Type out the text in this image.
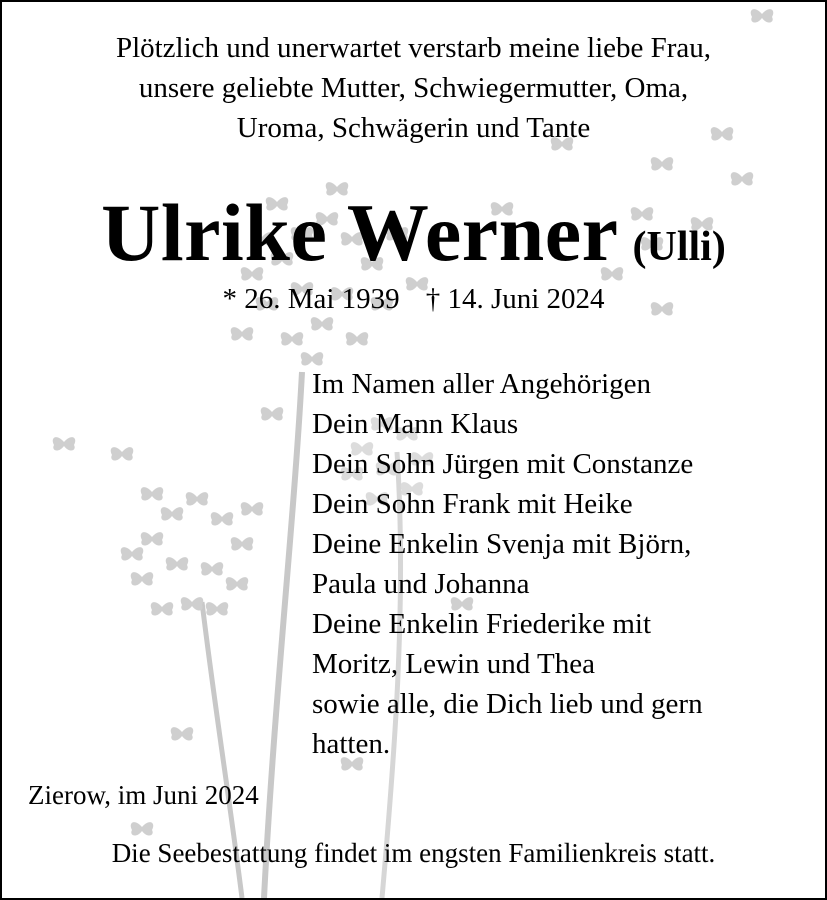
Plötzlich und unerwartet verstarb meine liebe Frau,
unsere geliebte Mutter, Schwiegermutter, Oma,
Uroma, Schwägerin und Tante
Ulrike Werner (Ulli)
* 26. Mai 1939 † 14. Juni 2024
Im Namen aller Angehörigen
Dein Mann Klaus
Dein Sohn Jürgen mit Constanze
Dein Sohn Frank mit Heike
Deine Enkelin Svenja mit Björn,
Paula und Johanna
Deine Enkelin Friederike mit
Moritz, Lewin und Thea
sowie alle, die Dich lieb und gern
hatten.
Zierow, im Juni 2024
Die Seebestattung findet im engsten Familienkreis statt.
